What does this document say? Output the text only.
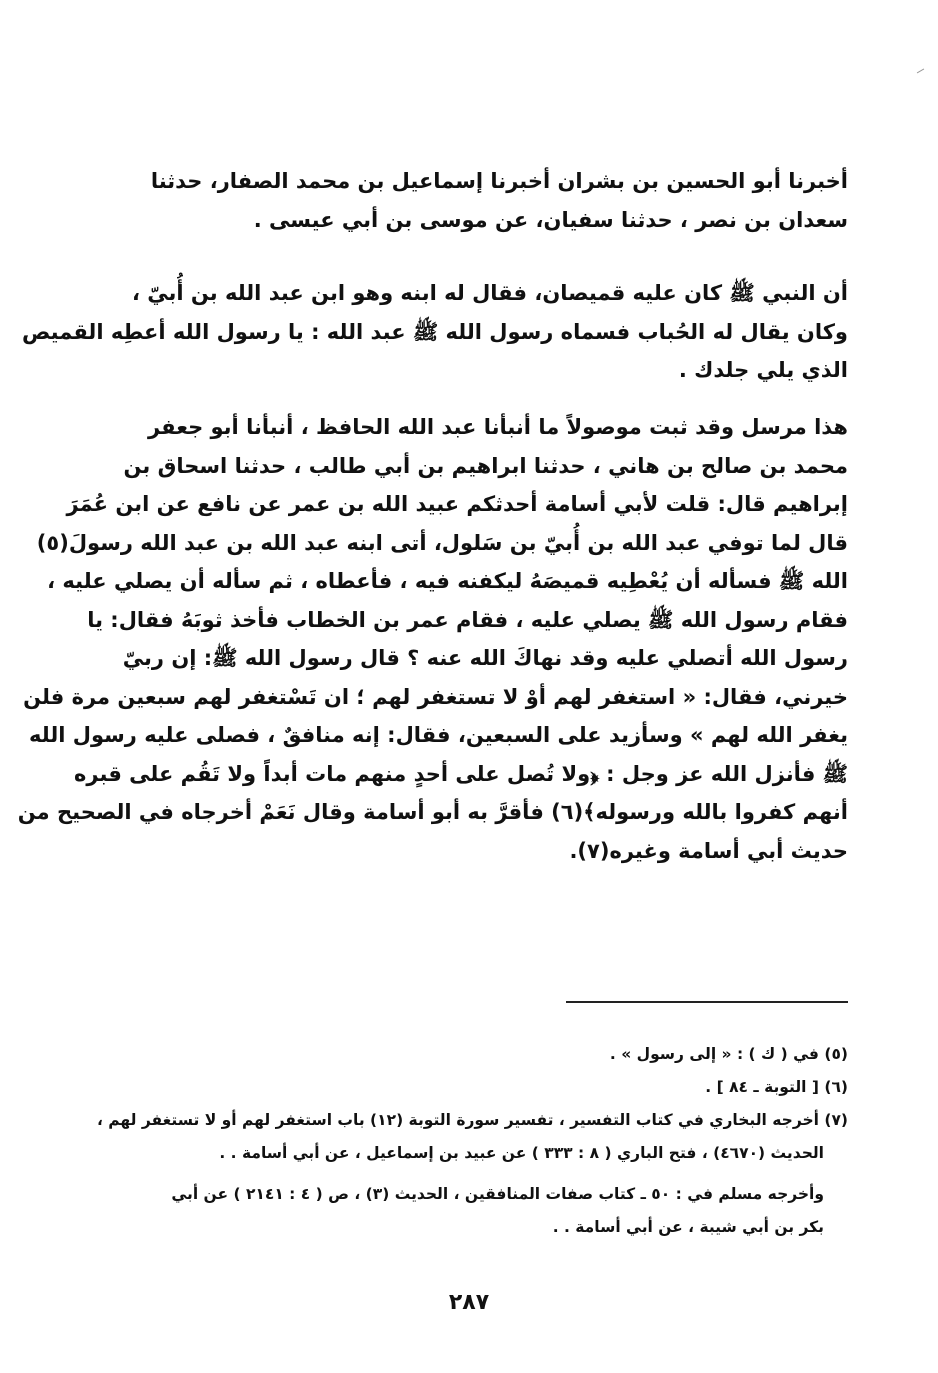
أخبرنا أبو الحسين بن بشران أخبرنا إسماعيل بن محمد الصفار، حدثنا
سعدان بن نصر ، حدثنا سفيان، عن موسى بن أبي عيسى .
أن النبي ﷺ كان عليه قميصان، فقال له ابنه وهو ابن عبد الله بن أُبيّ ،
وكان يقال له الحُباب فسماه رسول الله ﷺ عبد الله : يا رسول الله أعطِه القميص
الذي يلي جلدك .
هذا مرسل وقد ثبت موصولاً ما أنبأنا عبد الله الحافظ ، أنبأنا أبو جعفر
محمد بن صالح بن هاني ، حدثنا ابراهيم بن أبي طالب ، حدثنا اسحاق بن
إبراهيم قال: قلت لأبي أسامة أحدثكم عبيد الله بن عمر عن نافع عن ابن عُمَرَ
قال لما توفي عبد الله بن أُبيّ بن سَلول، أتى ابنه عبد الله بن عبد الله رسولَ(٥)
الله ﷺ فسأله أن يُعْطِيه قميصَهُ ليكفنه فيه ، فأعطاه ، ثم سأله أن يصلي عليه ،
فقام رسول الله ﷺ يصلي عليه ، فقام عمر بن الخطاب فأخذ ثوبَهُ فقال: يا
رسول الله أتصلي عليه وقد نهاكَ الله عنه ؟ قال رسول الله ﷺ: إن ربيّ
خيرني، فقال: « استغفر لهم أوْ لا تستغفر لهم ؛ ان تَسْتغفر لهم سبعين مرة فلن
يغفر الله لهم » وسأزيد على السبعين، فقال: إنه منافقٌ ، فصلى عليه رسول الله
ﷺ فأنزل الله عز وجل : ﴿ولا تُصل على أحدٍ منهم مات أبداً ولا تَقُم على قبره
أنهم كفروا بالله ورسوله﴾(٦) فأقرَّ به أبو أسامة وقال نَعَمْ أخرجاه في الصحيح من
حديث أبي أسامة وغيره(٧).
(٥) في ( ك ) : « إلى رسول » .
(٦) [ التوبة ـ ٨٤ ] .
(٧) أخرجه البخاري في كتاب التفسير ، تفسير سورة التوبة (١٢) باب استغفر لهم أو لا تستغفر لهم ،
الحديث (٤٦٧٠) ، فتح الباري ( ٨ : ٣٣٣ ) عن عبيد بن إسماعيل ، عن أبي أسامة . .
وأخرجه مسلم في : ٥٠ ـ كتاب صفات المنافقين ، الحديث (٣) ، ص ( ٤ : ٢١٤١ ) عن أبي
بكر بن أبي شيبة ، عن أبي أسامة . .
٢٨٧
